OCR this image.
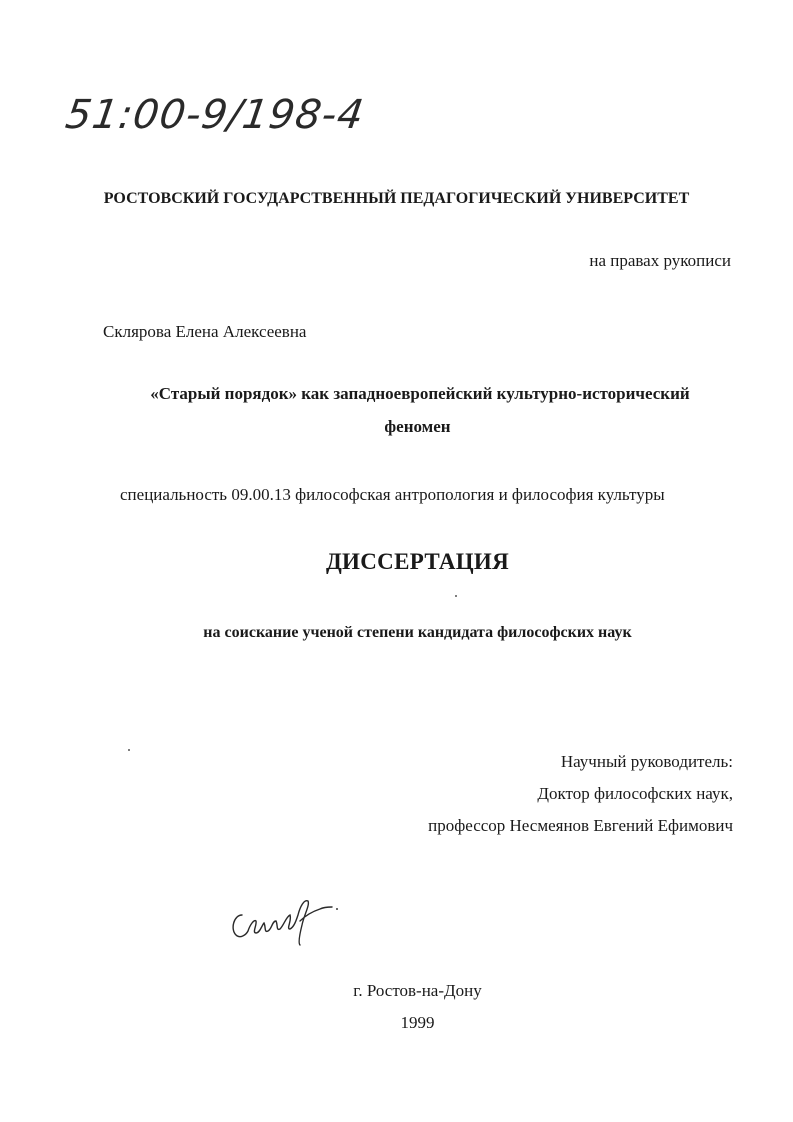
51:00-9/198-4
РОСТОВСКИЙ ГОСУДАРСТВЕННЫЙ ПЕДАГОГИЧЕСКИЙ УНИВЕРСИТЕТ
на правах рукописи
Склярова Елена Алексеевна
«Старый порядок» как западноевропейский культурно-исторический
феномен
специальность 09.00.13 философская антропология и философия культуры
ДИССЕРТАЦИЯ
на соискание ученой степени кандидата философских наук
Научный руководитель:
Доктор философских наук,
профессор Несмеянов Евгений Ефимович
г. Ростов-на-Дону
1999
